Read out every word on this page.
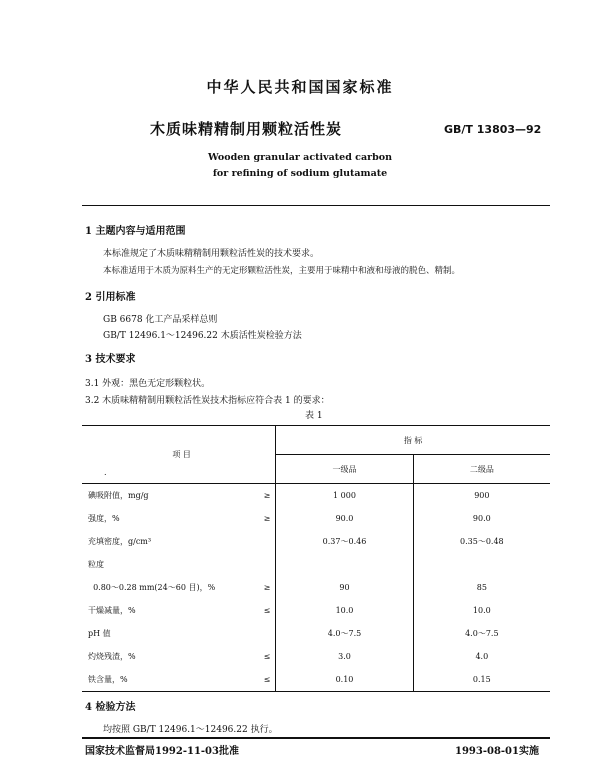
中华人民共和国国家标准
木质味精精制用颗粒活性炭	GB/T 13803—92
Wooden granular activated carbon
for refining of sodium glutamate
1 主题内容与适用范围
本标准规定了木质味精精制用颗粒活性炭的技术要求。
本标准适用于木质为原料生产的无定形颗粒活性炭，主要用于味精中和液和母液的脱色、精制。
2 引用标准
GB 6678 化工产品采样总则
GB/T 12496.1～12496.22 木质活性炭检验方法
3 技术要求
3.1 外观：黑色无定形颗粒状。
3.2 木质味精精制用颗粒活性炭技术指标应符合表 1 的要求：
表 1
项 目
.		指 标	
		一级品	二级品
碘吸附值，mg/g	≥	1 000	900
强度，%	≥	90.0	90.0
充填密度，g/cm³		0.37～0.46	0.35～0.48
粒度			
0.80～0.28 mm(24～60 目)，%	≥	90	85
干燥减量，%	≤	10.0	10.0
pH 值		4.0～7.5	4.0～7.5
灼烧残渣，%	≤	3.0	4.0
铁含量，%	≤	0.10	0.15
4 检验方法
均按照 GB/T 12496.1～12496.22 执行。
国家技术监督局1992-11-03批准	1993-08-01实施
